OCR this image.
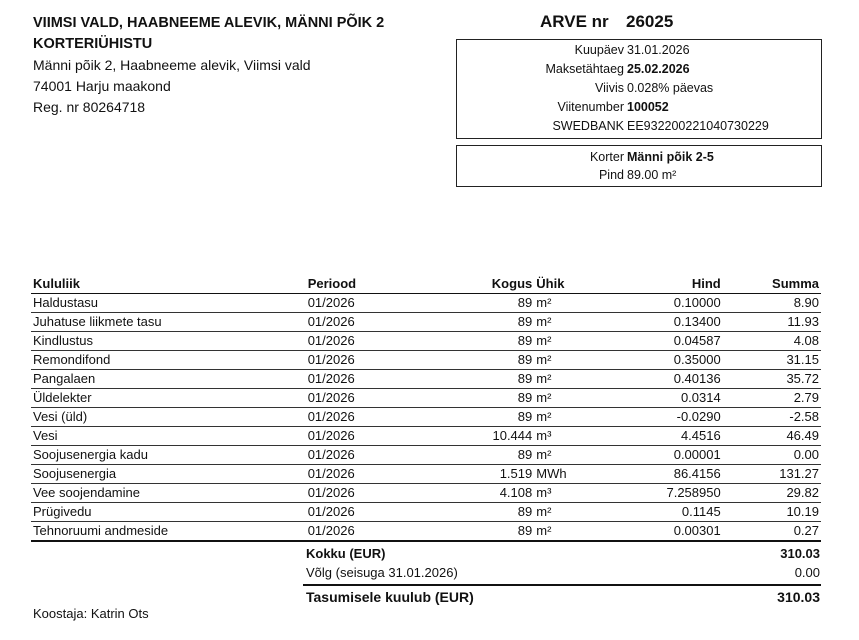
VIIMSI VALD, HAABNEEME ALEVIK, MÄNNI PÕIK 2
KORTERIÜHISTU
Männi põik 2, Haabneeme alevik, Viimsi vald
74001 Harju maakond
Reg. nr 80264718
ARVE nr 26025
Kuupäev 31.01.2026
Maksetähtaeg 25.02.2026
Viivis 0.028% päevas
Viitenumber 100052
SWEDBANK EE932200221040730229
Korter Männi põik 2-5
Pind 89.00 m²
Kululiik	Periood	Kogus	Ühik	Hind	Summa
Haldustasu	01/2026	89	m²	0.10000	8.90
Juhatuse liikmete tasu	01/2026	89	m²	0.13400	11.93
Kindlustus	01/2026	89	m²	0.04587	4.08
Remondifond	01/2026	89	m²	0.35000	31.15
Pangalaen	01/2026	89	m²	0.40136	35.72
Üldelekter	01/2026	89	m²	0.0314	2.79
Vesi (üld)	01/2026	89	m²	-0.0290	-2.58
Vesi	01/2026	10.444	m³	4.4516	46.49
Soojusenergia kadu	01/2026	89	m²	0.00001	0.00
Soojusenergia	01/2026	1.519	MWh	86.4156	131.27
Vee soojendamine	01/2026	4.108	m³	7.258950	29.82
Prügivedu	01/2026	89	m²	0.1145	10.19
Tehnoruumi andmeside	01/2026	89	m²	0.00301	0.27
Kokku (EUR)	310.03
Võlg (seisuga 31.01.2026)	0.00
Tasumisele kuulub (EUR)	310.03
Koostaja: Katrin Ots
